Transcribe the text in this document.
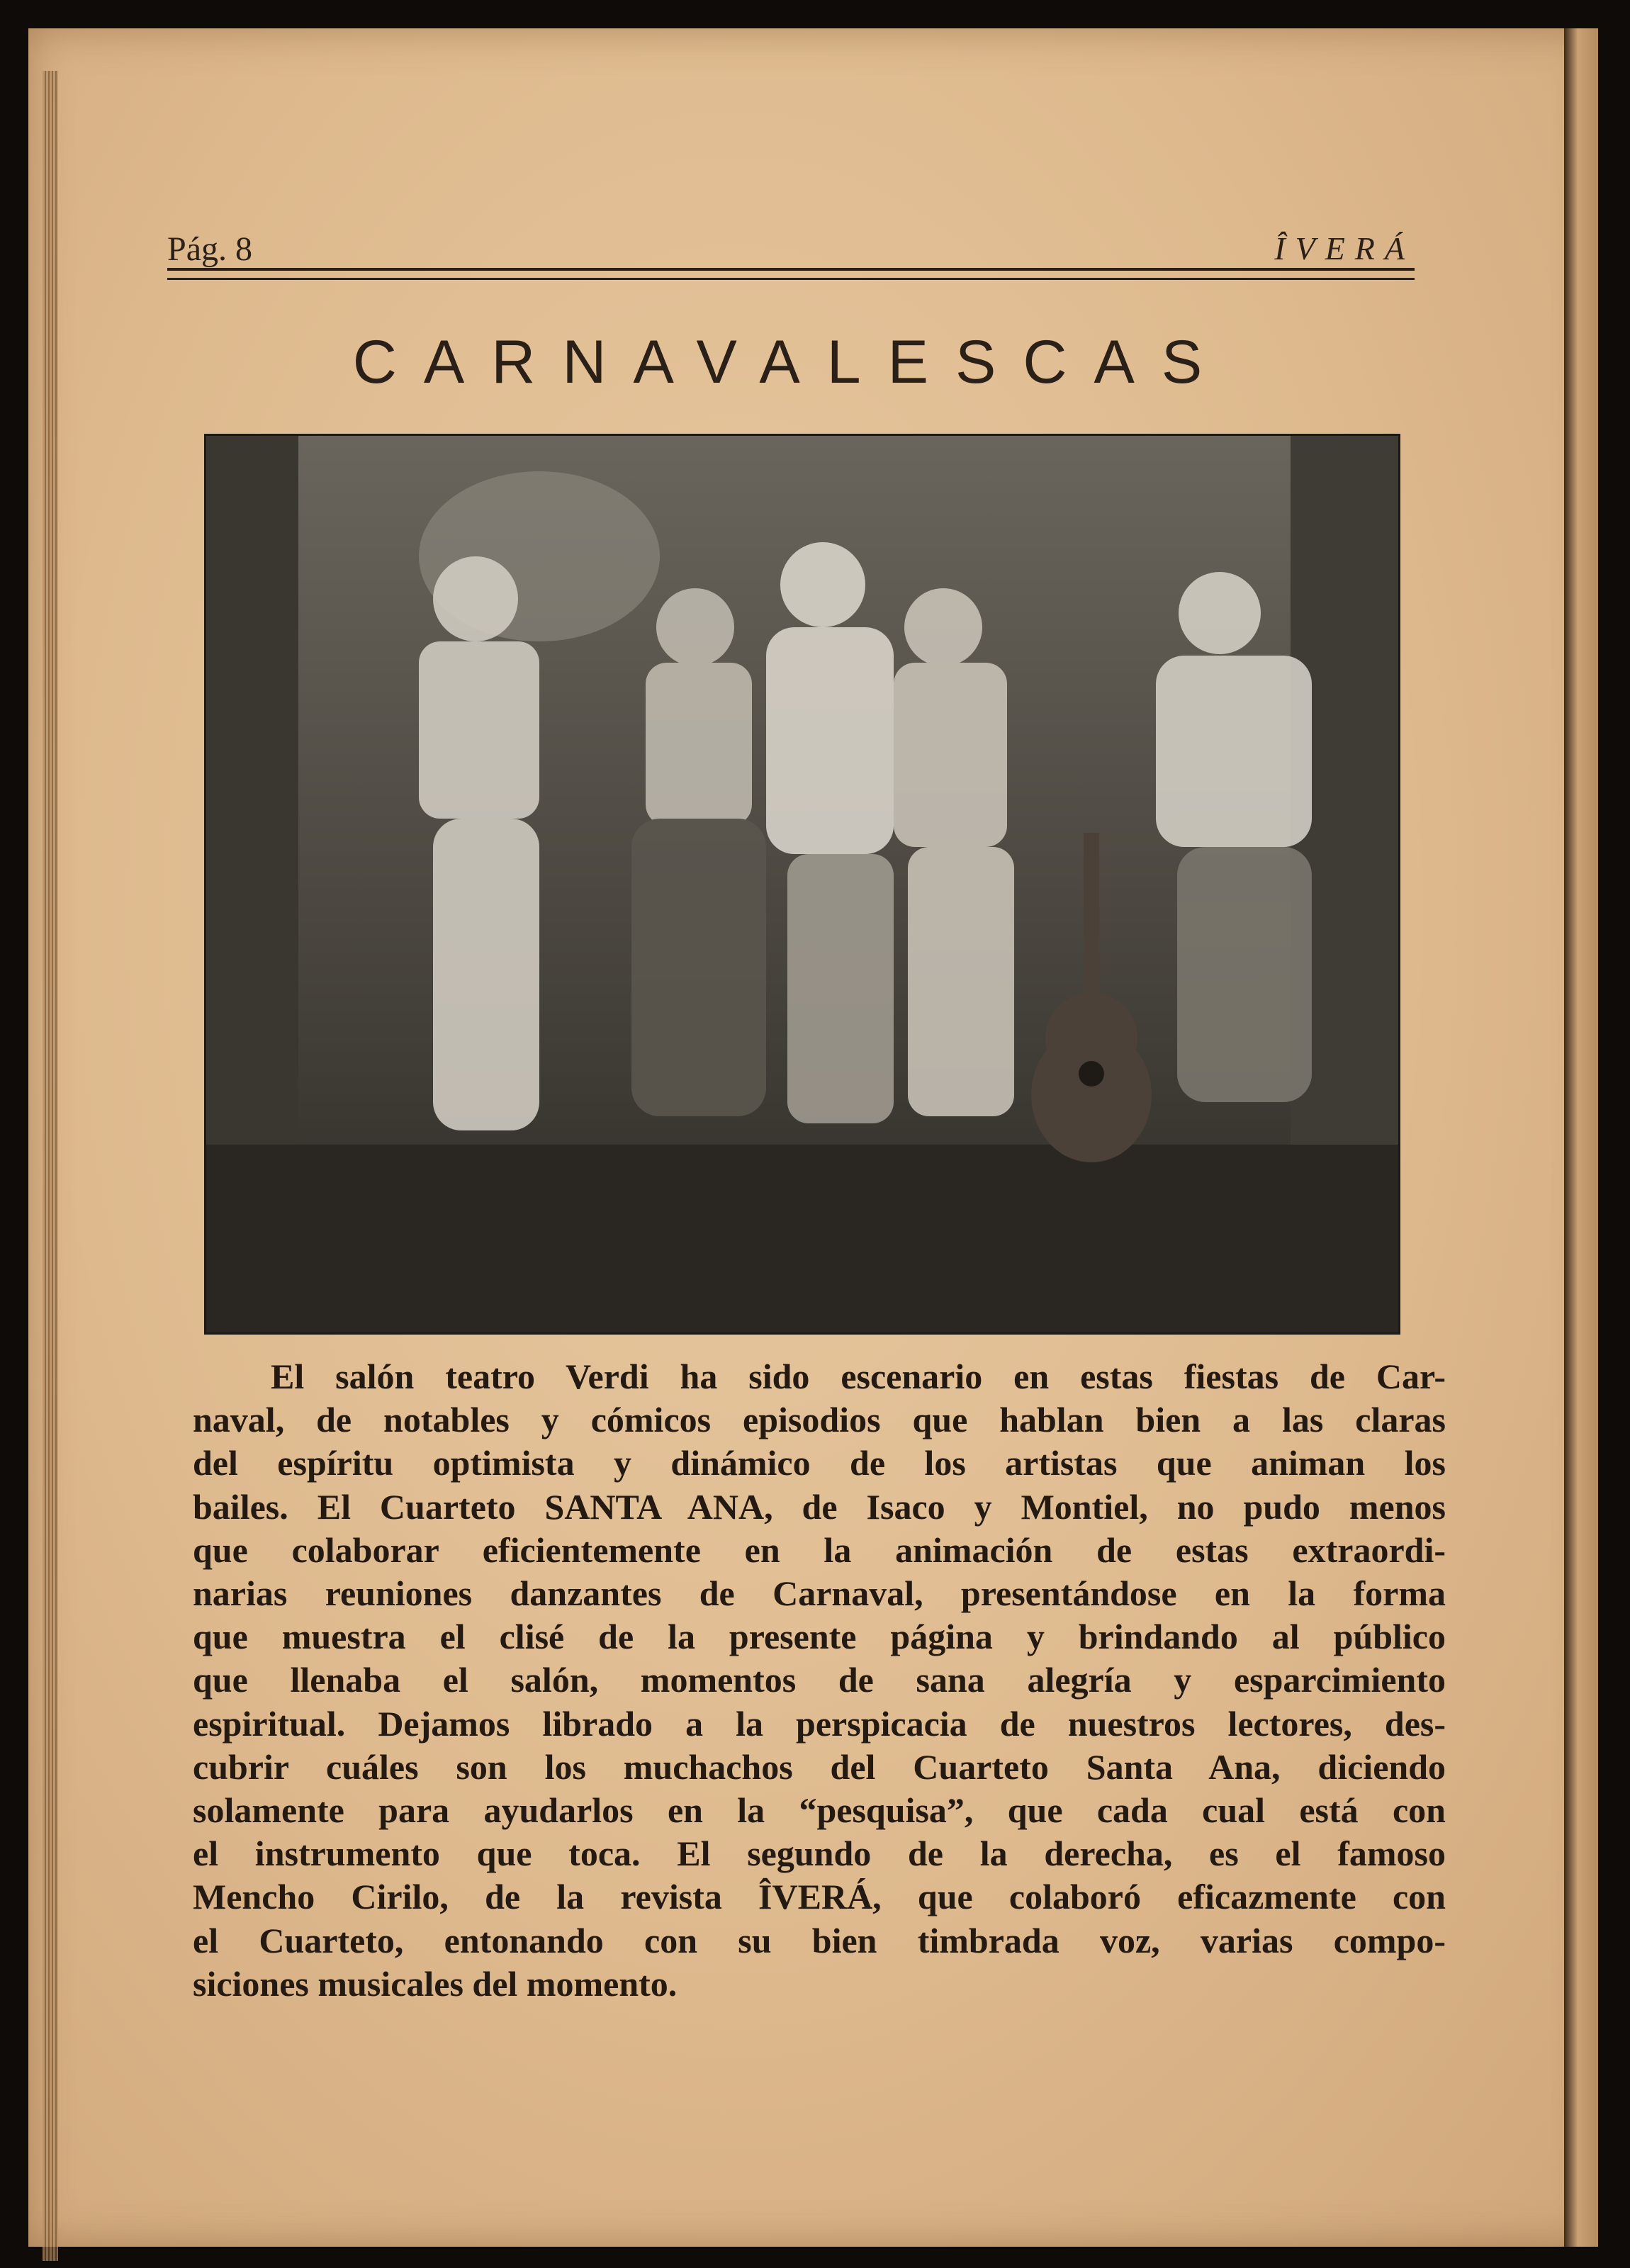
Pág. 8	ÎVERÁ
CARNAVALESCAS
El salón teatro Verdi ha sido escenario en estas fiestas de Car-
naval, de notables y cómicos episodios que hablan bien a las claras
del espíritu optimista y dinámico de los artistas que animan los
bailes. El Cuarteto SANTA ANA, de Isaco y Montiel, no pudo menos
que colaborar eficientemente en la animación de estas extraordi-
narias reuniones danzantes de Carnaval, presentándose en la forma
que muestra el clisé de la presente página y brindando al público
que llenaba el salón, momentos de sana alegría y esparcimiento
espiritual. Dejamos librado a la perspicacia de nuestros lectores, des-
cubrir cuáles son los muchachos del Cuarteto Santa Ana, diciendo
solamente para ayudarlos en la “pesquisa”, que cada cual está con
el instrumento que toca. El segundo de la derecha, es el famoso
Mencho Cirilo, de la revista ÎVERÁ, que colaboró eficazmente con
el Cuarteto, entonando con su bien timbrada voz, varias compo-
siciones musicales del momento.
